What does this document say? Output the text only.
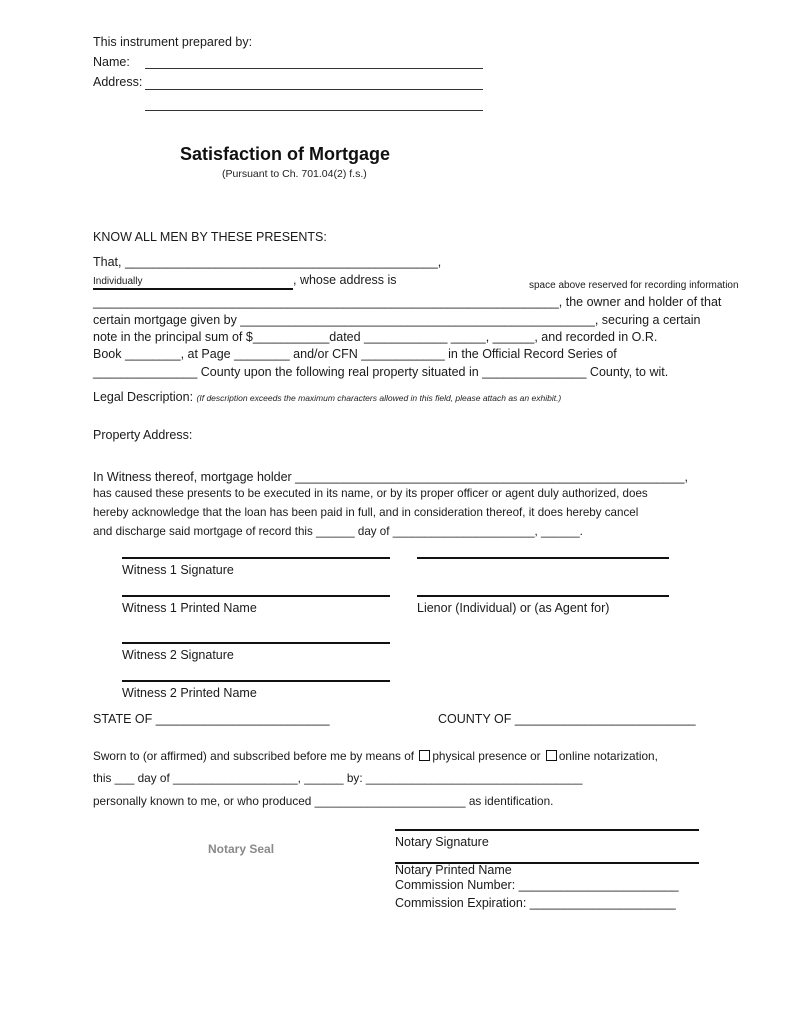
This instrument prepared by:
Name:
Address:
Satisfaction of Mortgage
(Pursuant to Ch. 701.04(2) f.s.)
KNOW ALL MEN BY THESE PRESENTS:
That, _____________________________________________,
Individually	, whose address is	space above reserved for recording information
___________________________________________________________________, the owner and holder of that
certain mortgage given by ___________________________________________________, securing a certain
note in the principal sum of $___________dated ____________ _____, ______, and recorded in O.R.
Book ________, at Page ________ and/or CFN ____________ in the Official Record Series of
_______________ County upon the following real property situated in _______________ County, to wit.
Legal Description: (If description exceeds the maximum characters allowed in this field, please attach as an exhibit.)
Property Address:
In Witness thereof, mortgage holder ________________________________________________________,
has caused these presents to be executed in its name, or by its proper officer or agent duly authorized, does
hereby acknowledge that the loan has been paid in full, and in consideration thereof, it does hereby cancel
and discharge said mortgage of record this ______ day of ______________________, ______.
Witness 1 Signature
Witness 1 Printed Name	Lienor (Individual) or (as Agent for)
Witness 2 Signature
Witness 2 Printed Name
STATE OF _________________________	COUNTY OF __________________________
Sworn to (or affirmed) and subscribed before me by means of physical presence or online notarization,
this ___ day of ___________________, ______ by: _________________________________
personally known to me, or who produced _______________________ as identification.
Notary Seal	Notary Signature
Notary Printed Name
Commission Number: _______________________
Commission Expiration: _____________________
